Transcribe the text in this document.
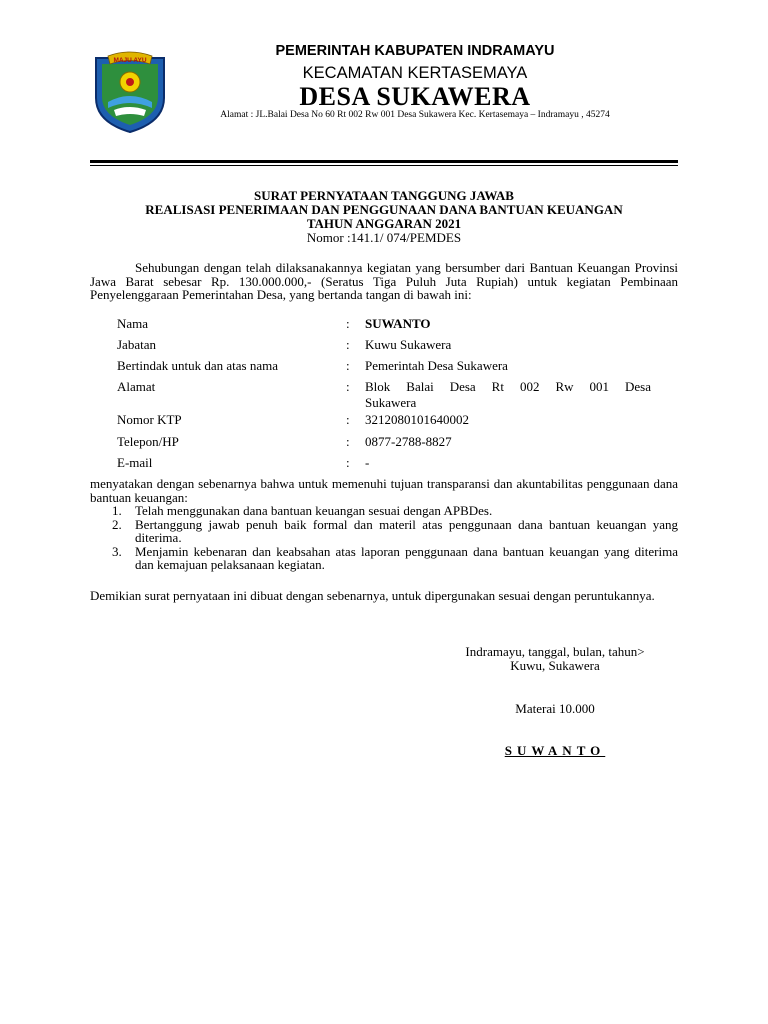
MAJU AYU
PEMERINTAH KABUPATEN INDRAMAYU
KECAMATAN KERTASEMAYA
DESA SUKAWERA
Alamat : JL.Balai Desa No 60 Rt 002 Rw 001 Desa Sukawera Kec. Kertasemaya – Indramayu , 45274
SURAT PERNYATAAN TANGGUNG JAWAB
REALISASI PENERIMAAN DAN PENGGUNAAN DANA BANTUAN KEUANGAN
TAHUN ANGGARAN 2021
Nomor :141.1/ 074/PEMDES
Sehubungan dengan telah dilaksanakannya kegiatan yang bersumber dari Bantuan Keuangan Provinsi Jawa Barat sebesar Rp. 130.000.000,- (Seratus Tiga Puluh Juta Rupiah) untuk kegiatan Pembinaan Penyelenggaraan Pemerintahan Desa, yang bertanda tangan di bawah ini:
Nama	: SUWANTO
Jabatan	: Kuwu Sukawera
Bertindak untuk dan atas nama	: Pemerintah Desa Sukawera
Alamat	: Blok Balai Desa Rt 002 Rw 001 Desa
Sukawera
Nomor KTP	: 3212080101640002
Telepon/HP	: 0877-2788-8827
E-mail	: -
menyatakan dengan sebenarnya bahwa untuk memenuhi tujuan transparansi dan akuntabilitas penggunaan dana bantuan keuangan:
1. Telah menggunakan dana bantuan keuangan sesuai dengan APBDes.
2. Bertanggung jawab penuh baik formal dan materil atas penggunaan dana bantuan keuangan yang diterima.
3. Menjamin kebenaran dan keabsahan atas laporan penggunaan dana bantuan keuangan yang diterima dan kemajuan pelaksanaan kegiatan.
Demikian surat pernyataan ini dibuat dengan sebenarnya, untuk dipergunakan sesuai dengan peruntukannya.
Indramayu, tanggal, bulan, tahun>
Kuwu, Sukawera
Materai 10.000
SUWANTO
